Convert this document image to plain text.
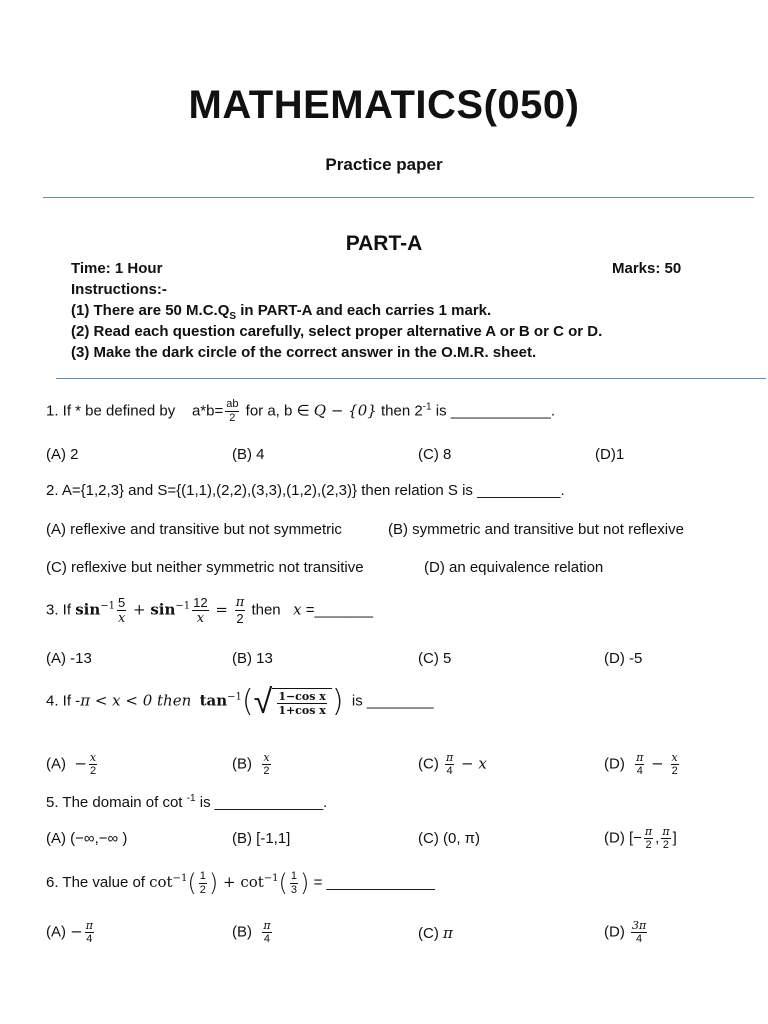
MATHEMATICS(050)
Practice paper
PART-A
Time: 1 Hour	Marks: 50
Instructions:-
(1) There are 50 $M.C.Q_S$ in PART-A and each carries 1 mark.
(2) Read each question carefully, select proper alternative A or B or C or D.
(3) Make the dark circle of the correct answer in the O.M.R. sheet.
1. If * be defined by $a*b= \frac{ab}{2}$ for a, b ∈ Q − {0} then $2^{-1}$ is ____________.
(A) 2	(B) 4	(C) 8	(D)1
2. A={1,2,3} and S={(1,1),(2,2),(3,3),(1,2),(2,3)} then relation S is __________.
(A) reflexive and transitive but not symmetric	(B) symmetric and transitive but not reflexive
(C) reflexive but neither symmetric not transitive	(D) an equivalence relation
3. If $\sin^{-1} \frac{5}{x} + \sin^{-1} \frac{12}{x} = \frac{\pi}{2}$ then   x =_______
(A) -13	(B) 13	(C) 5	(D) -5
4. If -π < x < 0 then $\tan^{-1}$( √ $\frac{\text{1−cos x}}{\text{1+cos x}}$ ) is ________
$(A) - \frac{x}{2}$	$(B) \frac{x}{2}$	$(C) \frac{\pi}{4} - x$	$(D) \frac{\pi}{4} - \frac{x}{2}$
5. The domain of cot $^{-1}$ is _____________.
(A) (−∞,−∞ )	(B) [-1,1]	(C) (0, π)	(D) [− $\frac{\pi}{2}$ , $\frac{\pi}{2}$ ]
6. The value of $\cot^{-1}( \frac{1}{2}$ ) + $\cot^{-1}( \frac{1}{3}$ ) = _____________
$(A) - \frac{\pi}{4}$	$(B) \frac{\pi}{4}$	(C) π	$(D) \frac{3\pi}{4}$
